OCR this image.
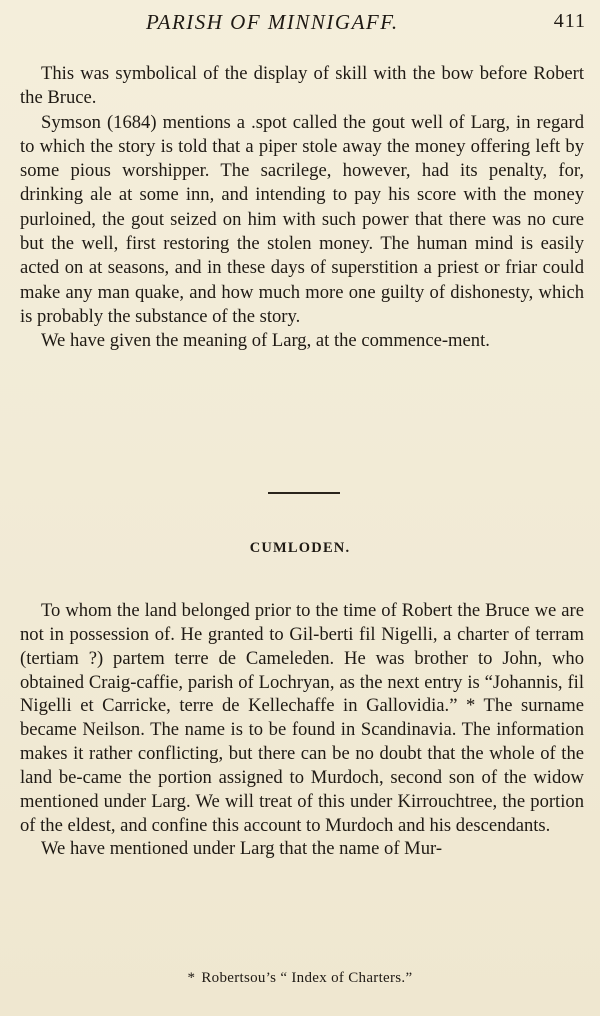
PARISH OF MINNIGAFF.	411

This was symbolical of the display of skill with the bow before Robert the Bruce.

Symson (1684) mentions a .spot called the gout well of Larg, in regard to which the story is told that a piper stole away the money offering left by some pious worshipper. The sacrilege, however, had its penalty, for, drinking ale at some inn, and intending to pay his score with the money purloined, the gout seized on him with such power that there was no cure but the well, first restoring the stolen money. The human mind is easily acted on at seasons, and in these days of superstition a priest or friar could make any man quake, and how much more one guilty of dishonesty, which is probably the substance of the story.

We have given the meaning of Larg, at the commence-ment.

CUMLODEN.

To whom the land belonged prior to the time of Robert the Bruce we are not in possession of. He granted to Gil-berti fil Nigelli, a charter of terram (tertiam ?) partem terre de Cameleden. He was brother to John, who obtained Craig-caffie, parish of Lochryan, as the next entry is “Johannis, fil Nigelli et Carricke, terre de Kellechaffe in Gallovidia.” * The surname became Neilson. The name is to be found in Scandinavia. The information makes it rather conflicting, but there can be no doubt that the whole of the land be-came the portion assigned to Murdoch, second son of the widow mentioned under Larg. We will treat of this under Kirrouchtree, the portion of the eldest, and confine this account to Murdoch and his descendants.

We have mentioned under Larg that the name of Mur-

* Robertsou’s “ Index of Charters.”
